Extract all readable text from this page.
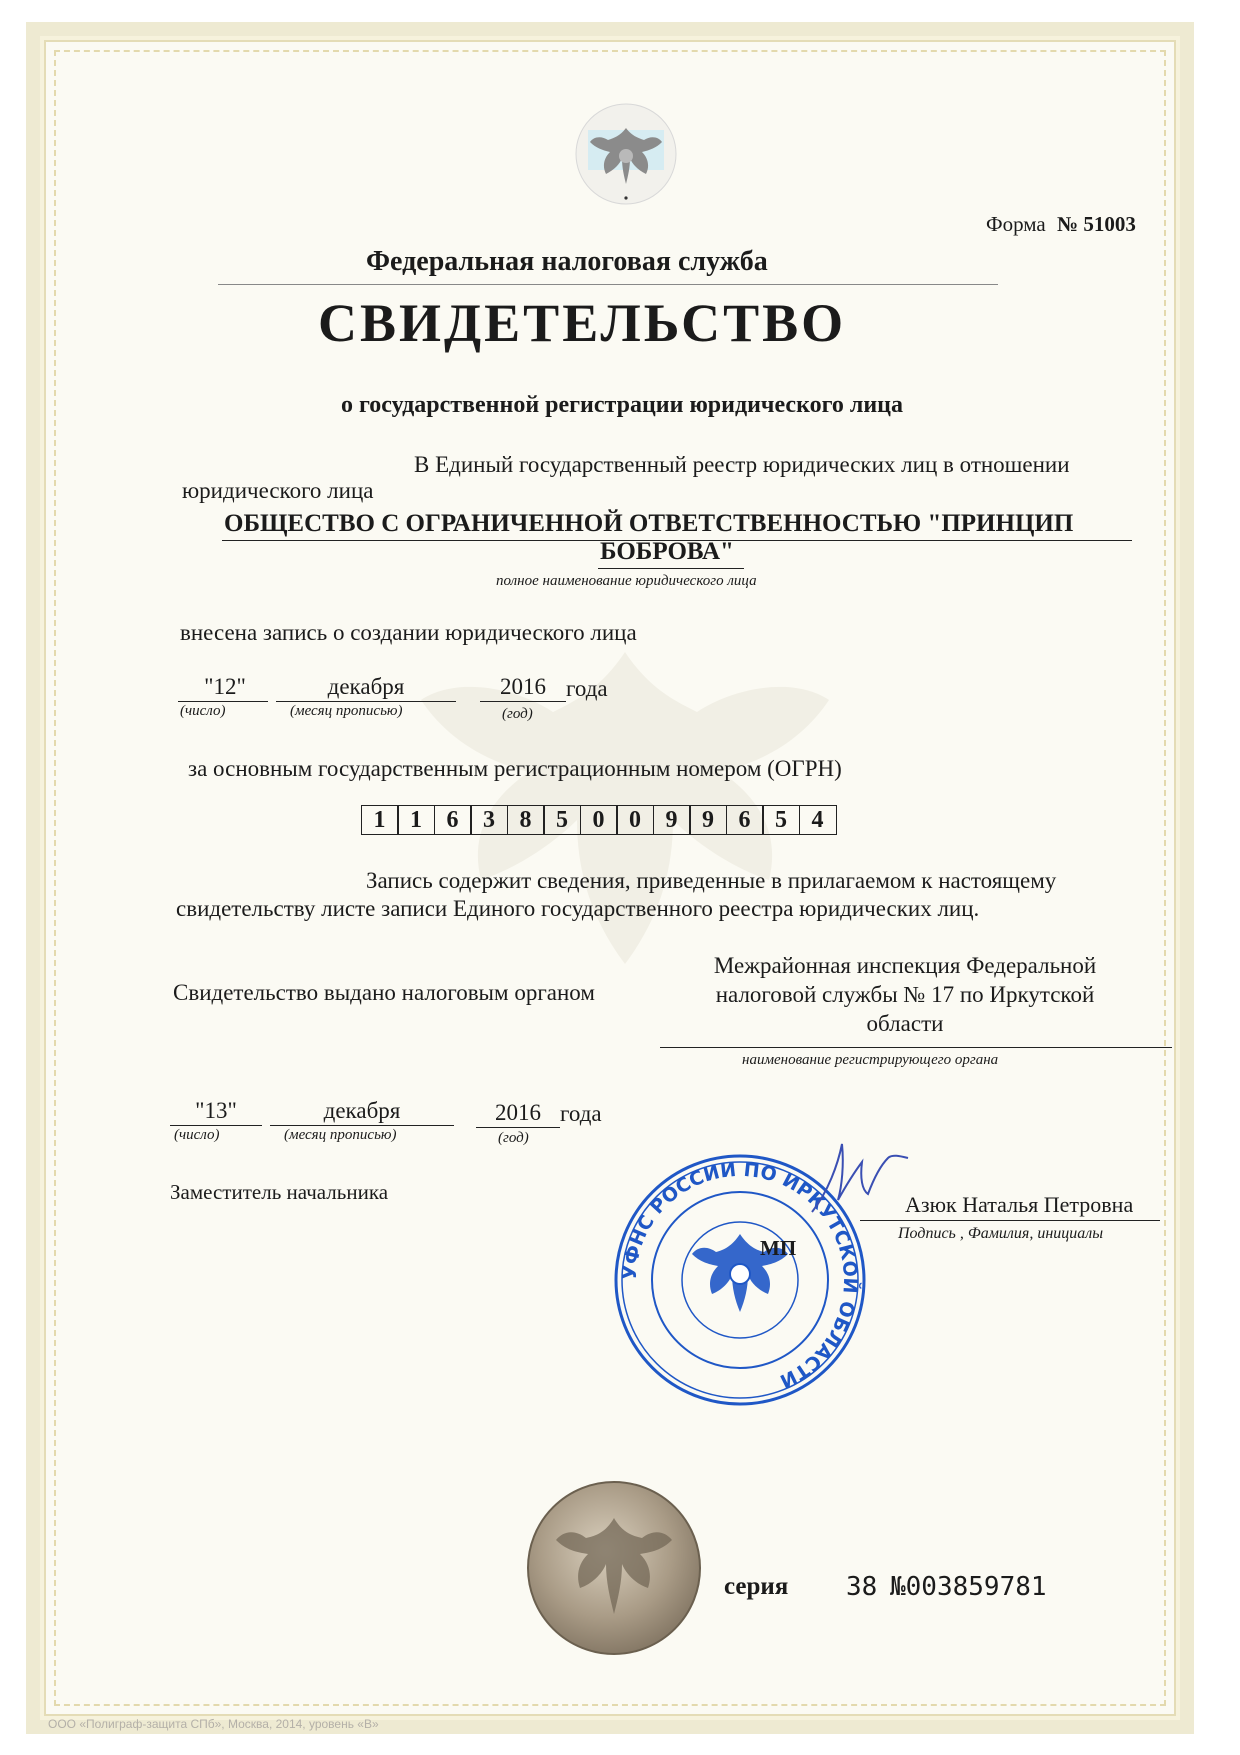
Форма № 51003
Федеральная налоговая служба
СВИДЕТЕЛЬСТВО
о государственной регистрации юридического лица
В Единый государственный реестр юридических лиц в отношении
юридического лица
ОБЩЕСТВО С ОГРАНИЧЕННОЙ ОТВЕТСТВЕННОСТЬЮ "ПРИНЦИП
БОБРОВА"
полное наименование юридического лица
внесена запись о создании юридического лица
"12"	декабря	2016 года
(число)	(месяц прописью)	(год)
за основным государственным регистрационным номером (ОГРН)
1	1	6	3	8	5	0	0	9	9	6	5	4
Запись содержит сведения, приведенные в прилагаемом к настоящему
свидетельству листе записи Единого государственного реестра юридических лиц.
Свидетельство выдано налоговым органом
Межрайонная инспекция Федеральной
налоговой службы № 17 по Иркутской
области
наименование регистрирующего органа
"13"	декабря	2016 года
(число)	(месяц прописью)	(год)
Заместитель начальника
УФНС РОССИИ ПО ИРКУТСКОЙ ОБЛАСТИ
МП
Азюк Наталья Петровна
Подпись , Фамилия, инициалы
серия 38 №003859781
ООО «Полиграф-защита СПб», Москва, 2014, уровень «В»
